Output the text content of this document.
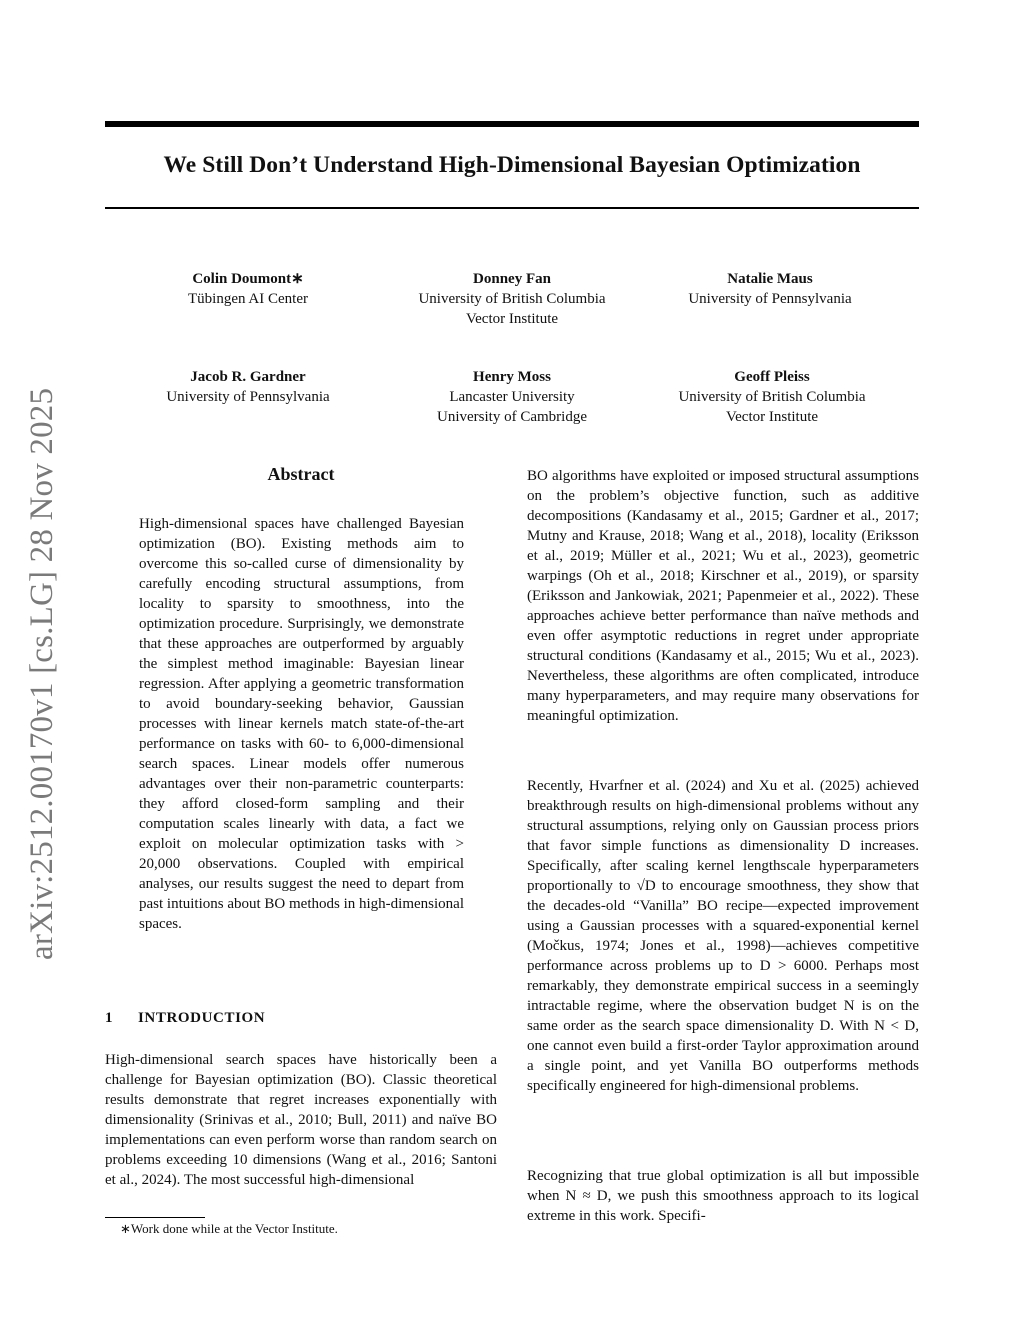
We Still Don’t Understand High-Dimensional Bayesian Optimization
arXiv:2512.00170v1 [cs.LG] 28 Nov 2025
Colin Doumont∗
Tübingen AI Center
Donney Fan
University of British Columbia
Vector Institute
Natalie Maus
University of Pennsylvania
Jacob R. Gardner
University of Pennsylvania
Henry Moss
Lancaster University
University of Cambridge
Geoff Pleiss
University of British Columbia
Vector Institute
Abstract

High-dimensional spaces have challenged Bayesian optimization (BO). Existing methods aim to overcome this so-called curse of dimensionality by carefully encoding structural assumptions, from locality to sparsity to smoothness, into the optimization procedure. Surprisingly, we demonstrate that these approaches are outperformed by arguably the simplest method imaginable: Bayesian linear regression. After applying a geometric transformation to avoid boundary-seeking behavior, Gaussian processes with linear kernels match state-of-the-art performance on tasks with 60- to 6,000-dimensional search spaces. Linear models offer numerous advantages over their non-parametric counterparts: they afford closed-form sampling and their computation scales linearly with data, a fact we exploit on molecular optimization tasks with > 20,000 observations. Coupled with empirical analyses, our results suggest the need to depart from past intuitions about BO methods in high-dimensional spaces.

1 INTRODUCTION

High-dimensional search spaces have historically been a challenge for Bayesian optimization (BO). Classic theoretical results demonstrate that regret increases exponentially with dimensionality (Srinivas et al., 2010; Bull, 2011) and naïve BO implementations can even perform worse than random search on problems exceeding 10 dimensions (Wang et al., 2016; Santoni et al., 2024). The most successful high-dimensional

∗Work done while at the Vector Institute.

BO algorithms have exploited or imposed structural assumptions on the problem’s objective function, such as additive decompositions (Kandasamy et al., 2015; Gardner et al., 2017; Mutny and Krause, 2018; Wang et al., 2018), locality (Eriksson et al., 2019; Müller et al., 2021; Wu et al., 2023), geometric warpings (Oh et al., 2018; Kirschner et al., 2019), or sparsity (Eriksson and Jankowiak, 2021; Papenmeier et al., 2022). These approaches achieve better performance than naïve methods and even offer asymptotic reductions in regret under appropriate structural conditions (Kandasamy et al., 2015; Wu et al., 2023). Nevertheless, these algorithms are often complicated, introduce many hyperparameters, and may require many observations for meaningful optimization.

Recently, Hvarfner et al. (2024) and Xu et al. (2025) achieved breakthrough results on high-dimensional problems without any structural assumptions, relying only on Gaussian process priors that favor simple functions as dimensionality D increases. Specifically, after scaling kernel lengthscale hyperparameters proportionally to √D to encourage smoothness, they show that the decades-old “Vanilla” BO recipe—expected improvement using a Gaussian processes with a squared-exponential kernel (Močkus, 1974; Jones et al., 1998)—achieves competitive performance across problems up to D > 6000. Perhaps most remarkably, they demonstrate empirical success in a seemingly intractable regime, where the observation budget N is on the same order as the search space dimensionality D. With N < D, one cannot even build a first-order Taylor approximation around a single point, and yet Vanilla BO outperforms methods specifically engineered for high-dimensional problems.

Recognizing that true global optimization is all but impossible when N ≈ D, we push this smoothness approach to its logical extreme in this work. Specifi-
